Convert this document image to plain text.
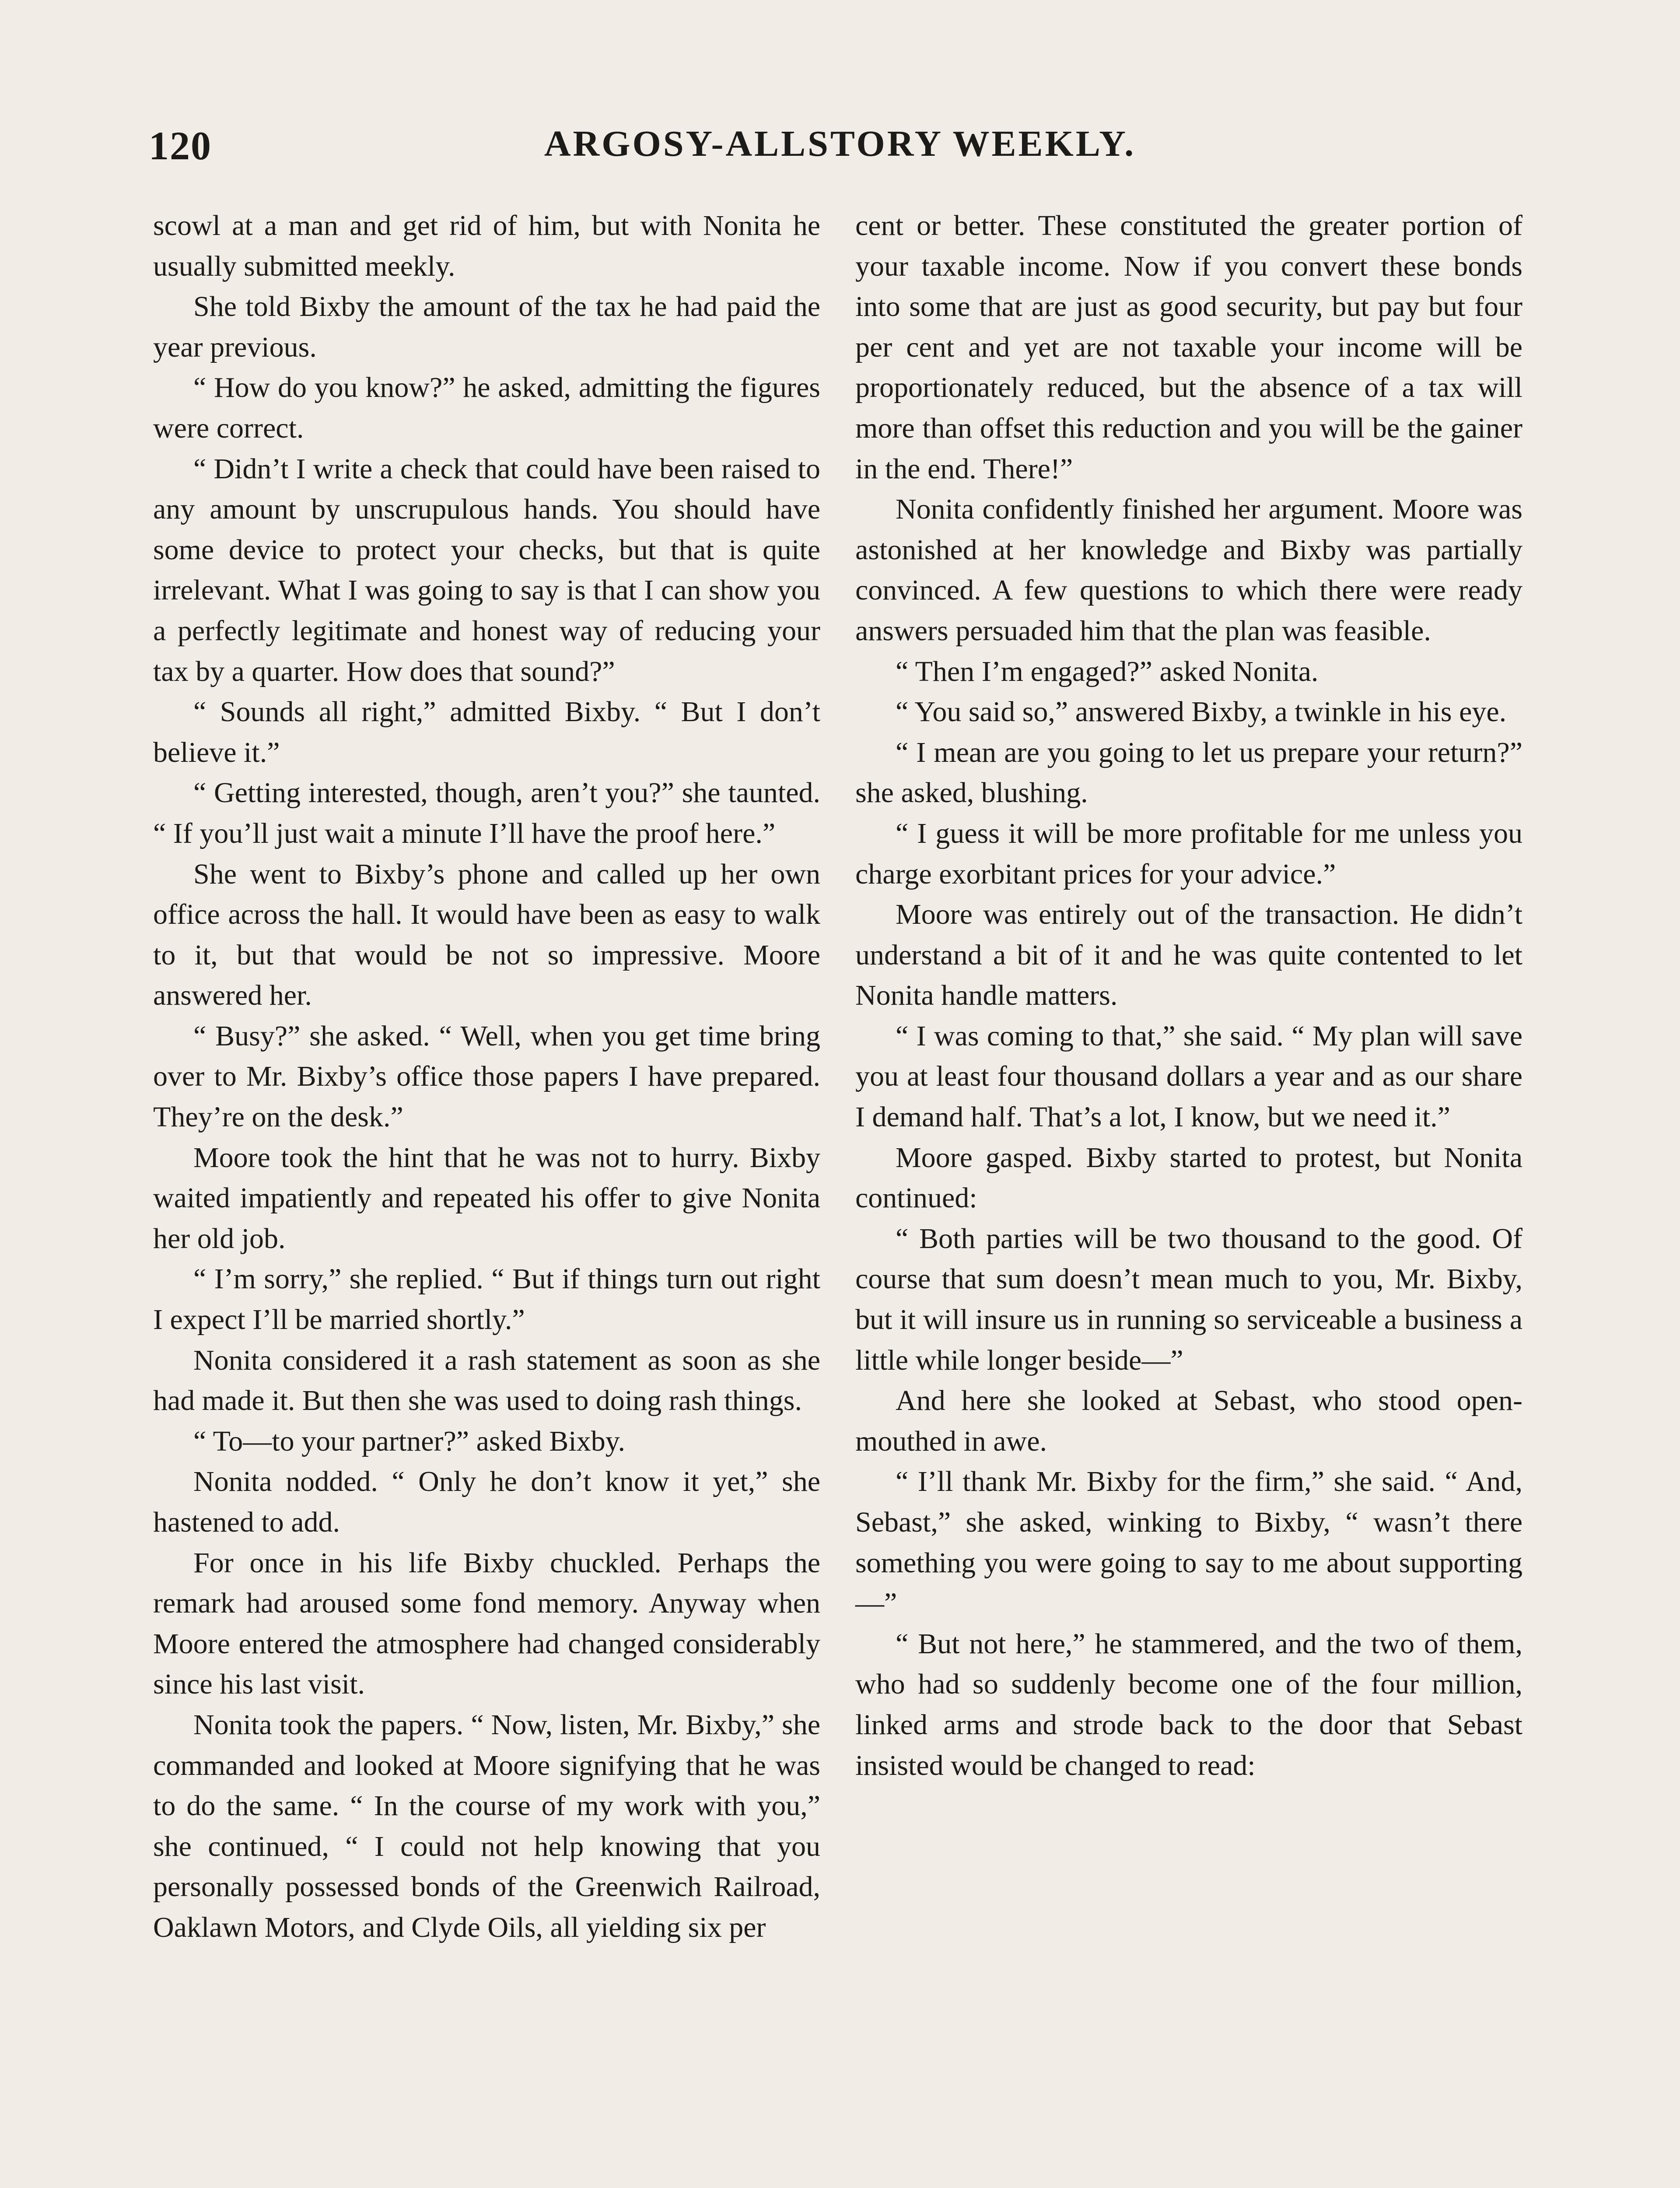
120	ARGOSY-ALLSTORY WEEKLY.

scowl at a man and get rid of him, but with Nonita he usually submitted meekly.

She told Bixby the amount of the tax he had paid the year previous.

“ How do you know?” he asked, admitting the figures were correct.

“ Didn’t I write a check that could have been raised to any amount by unscrupulous hands. You should have some device to protect your checks, but that is quite irrelevant. What I was going to say is that I can show you a perfectly legitimate and honest way of reducing your tax by a quarter. How does that sound?”

“ Sounds all right,” admitted Bixby. “ But I don’t believe it.”

“ Getting interested, though, aren’t you?” she taunted. “ If you’ll just wait a minute I’ll have the proof here.”

She went to Bixby’s phone and called up her own office across the hall. It would have been as easy to walk to it, but that would be not so impressive. Moore answered her.

“ Busy?” she asked. “ Well, when you get time bring over to Mr. Bixby’s office those papers I have prepared. They’re on the desk.”

Moore took the hint that he was not to hurry. Bixby waited impatiently and repeated his offer to give Nonita her old job.

“ I’m sorry,” she replied. “ But if things turn out right I expect I’ll be married shortly.”

Nonita considered it a rash statement as soon as she had made it. But then she was used to doing rash things.

“ To—to your partner?” asked Bixby.

Nonita nodded. “ Only he don’t know it yet,” she hastened to add.

For once in his life Bixby chuckled. Perhaps the remark had aroused some fond memory. Anyway when Moore entered the atmosphere had changed considerably since his last visit.

Nonita took the papers. “ Now, listen, Mr. Bixby,” she commanded and looked at Moore signifying that he was to do the same. “ In the course of my work with you,” she continued, “ I could not help knowing that you personally possessed bonds of the Greenwich Railroad, Oaklawn Motors, and Clyde Oils, all yielding six per

cent or better. These constituted the greater portion of your taxable income. Now if you convert these bonds into some that are just as good security, but pay but four per cent and yet are not taxable your income will be proportionately reduced, but the absence of a tax will more than offset this reduction and you will be the gainer in the end. There!”

Nonita confidently finished her argument. Moore was astonished at her knowledge and Bixby was partially convinced. A few questions to which there were ready answers persuaded him that the plan was feasible.

“ Then I’m engaged?” asked Nonita.

“ You said so,” answered Bixby, a twinkle in his eye.

“ I mean are you going to let us prepare your return?” she asked, blushing.

“ I guess it will be more profitable for me unless you charge exorbitant prices for your advice.”

Moore was entirely out of the transaction. He didn’t understand a bit of it and he was quite contented to let Nonita handle matters.

“ I was coming to that,” she said. “ My plan will save you at least four thousand dollars a year and as our share I demand half. That’s a lot, I know, but we need it.”

Moore gasped. Bixby started to protest, but Nonita continued:

“ Both parties will be two thousand to the good. Of course that sum doesn’t mean much to you, Mr. Bixby, but it will insure us in running so serviceable a business a little while longer beside—”

And here she looked at Sebast, who stood open-mouthed in awe.

“ I’ll thank Mr. Bixby for the firm,” she said. “ And, Sebast,” she asked, winking to Bixby, “ wasn’t there something you were going to say to me about supporting—”

“ But not here,” he stammered, and the two of them, who had so suddenly become one of the four million, linked arms and strode back to the door that Sebast insisted would be changed to read:
